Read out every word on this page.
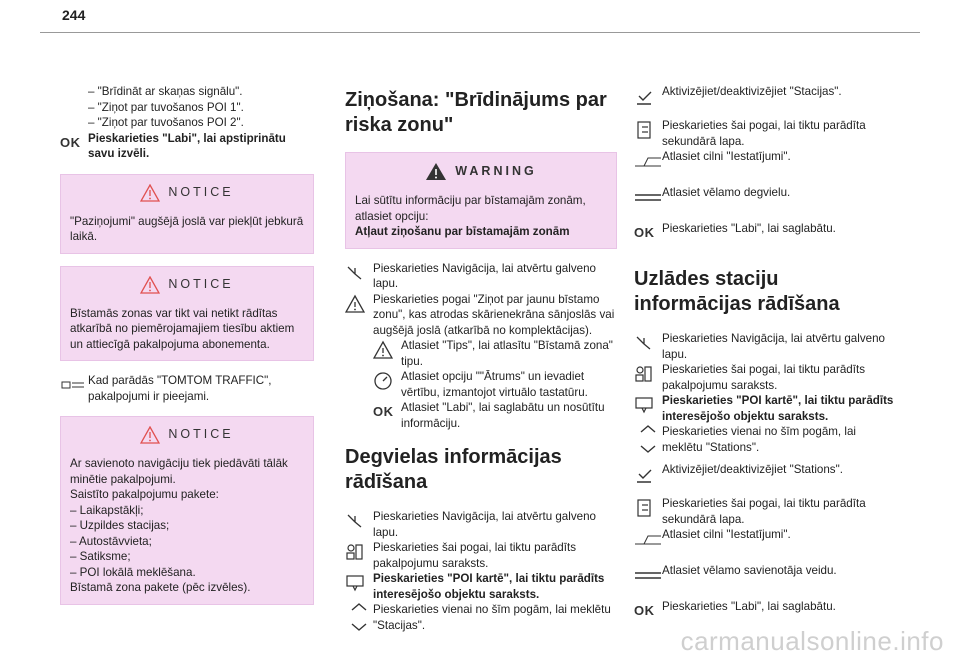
244
– "Brīdināt ar skaņas signālu".
– "Ziņot par tuvošanos POI 1".
– "Ziņot par tuvošanos POI 2".
OK Pieskarieties "Labi", lai apstiprinātu savu izvēli.
NOTICE
"Paziņojumi" augšējā joslā var piekļūt jebkurā laikā.
NOTICE
Bīstamās zonas var tikt vai netikt rādītas atkarībā no piemērojamajiem tiesību aktiem un attiecīgā pakalpojuma abonementa.
Kad parādās "TOMTOM TRAFFIC", pakalpojumi ir pieejami.
NOTICE
Ar savienoto navigāciju tiek piedāvāti tālāk minētie pakalpojumi.
Saistīto pakalpojumu pakete:
– Laikapstākļi;
– Uzpildes stacijas;
– Autostāvvieta;
– Satiksme;
– POI lokālā meklēšana.
Bīstamā zona pakete (pēc izvēles).
Ziņošana: "Brīdinājums par riska zonu"
WARNING
Lai sūtītu informāciju par bīstamajām zonām, atlasiet opciju:
Atļaut ziņošanu par bīstamajām zonām
Pieskarieties Navigācija, lai atvērtu galveno lapu.
Pieskarieties pogai "Ziņot par jaunu bīstamo zonu", kas atrodas skārienekrāna sānjoslās vai augšējā joslā (atkarībā no komplektācijas).
Atlasiet "Tips", lai atlasītu "Bīstamā zona" tipu.
Atlasiet opciju ""Ātrums" un ievadiet vērtību, izmantojot virtuālo tastatūru.
OK Atlasiet "Labi", lai saglabātu un nosūtītu informāciju.
Degvielas informācijas rādīšana
Pieskarieties Navigācija, lai atvērtu galveno lapu.
Pieskarieties šai pogai, lai tiktu parādīts pakalpojumu saraksts.
Pieskarieties "POI kartē", lai tiktu parādīts interesējošo objektu saraksts.
Pieskarieties vienai no šīm pogām, lai meklētu "Stacijas".
Aktivizējiet/deaktivizējiet "Stacijas".
Pieskarieties šai pogai, lai tiktu parādīta sekundārā lapa.
Atlasiet cilni "Iestatījumi".
Atlasiet vēlamo degvielu.
OK Pieskarieties "Labi", lai saglabātu.
Uzlādes staciju informācijas rādīšana
Pieskarieties Navigācija, lai atvērtu galveno lapu.
Pieskarieties šai pogai, lai tiktu parādīts pakalpojumu saraksts.
Pieskarieties "POI kartē", lai tiktu parādīts interesējošo objektu saraksts.
Pieskarieties vienai no šīm pogām, lai meklētu "Stations".
Aktivizējiet/deaktivizējiet "Stations".
Pieskarieties šai pogai, lai tiktu parādīta sekundārā lapa.
Atlasiet cilni "Iestatījumi".
Atlasiet vēlamo savienotāja veidu.
OK Pieskarieties "Labi", lai saglabātu.
carmanualsonline.info
